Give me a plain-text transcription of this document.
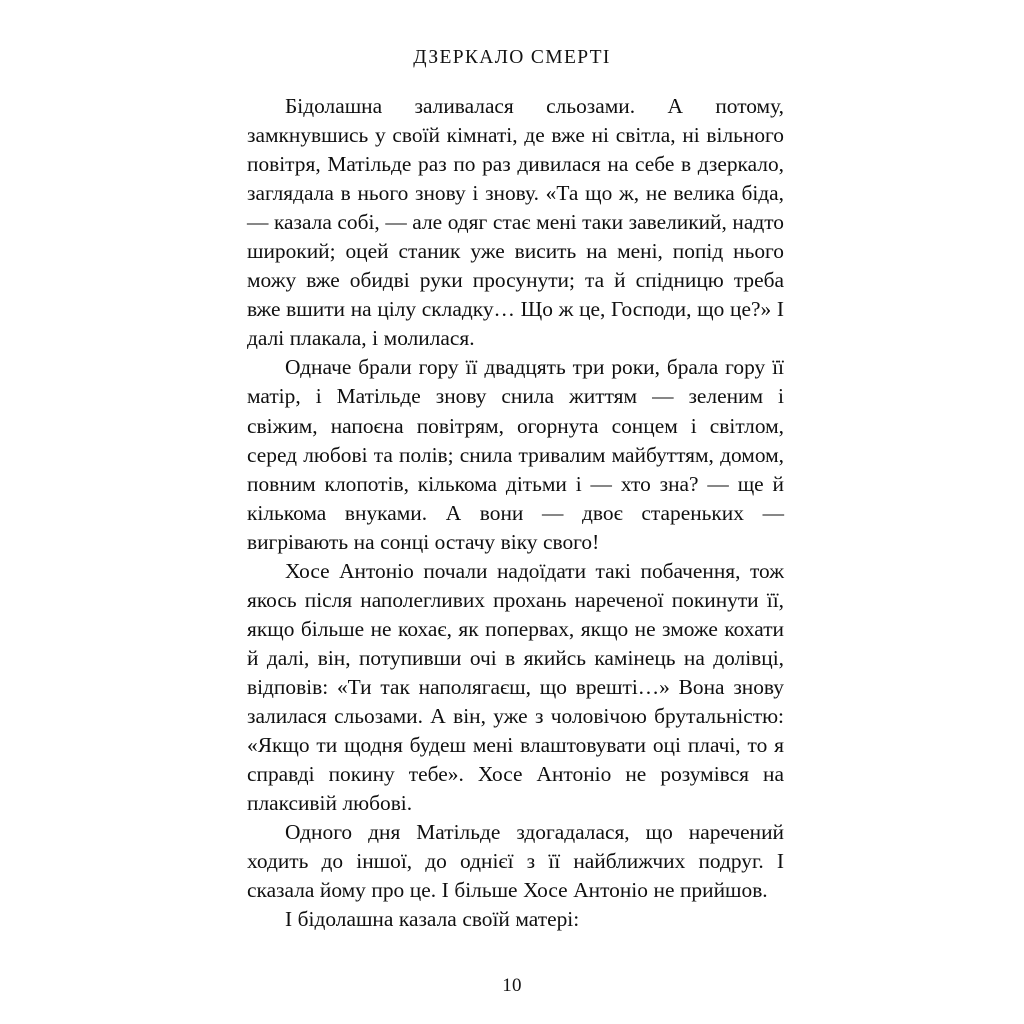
ДЗЕРКАЛО СМЕРТІ

Бідолашна заливалася сльозами. А потому, замкнувшись у своїй кімнаті, де вже ні світла, ні вільного повітря, Матільде раз по раз дивилася на себе в дзеркало, заглядала в нього знову і знову. «Та що ж, не велика біда, — казала собі, — але одяг стає мені таки завеликий, надто широкий; оцей станик уже висить на мені, попід нього можу вже обидві руки просунути; та й спідницю треба вже вшити на цілу складку… Що ж це, Господи, що це?» І далі плакала, і молилася.

Одначе брали гору її двадцять три роки, брала гору її матір, і Матільде знову снила життям — зеленим і свіжим, напоєна повітрям, огорнута сонцем і світлом, серед любові та полів; снила тривалим майбуттям, домом, повним клопотів, кількома дітьми і — хто зна? — ще й кількома внуками. А вони — двоє стареньких — вигрівають на сонці остачу віку свого!

Хосе Антоніо почали надоїдати такі побачення, тож якось після наполегливих прохань нареченої покинути її, якщо більше не кохає, як попервах, якщо не зможе кохати й далі, він, потупивши очі в якийсь камінець на долівці, відповів: «Ти так наполягаєш, що врешті…» Вона знову залилася сльозами. А він, уже з чоловічою брутальністю: «Якщо ти щодня будеш мені влаштовувати оці плачі, то я справді покину тебе». Хосе Антоніо не розумівся на плаксивій любові.

Одного дня Матільде здогадалася, що наречений ходить до іншої, до однієї з її найближчих подруг. І сказала йому про це. І більше Хосе Антоніо не прийшов.

І бідолашна казала своїй матері:

10
